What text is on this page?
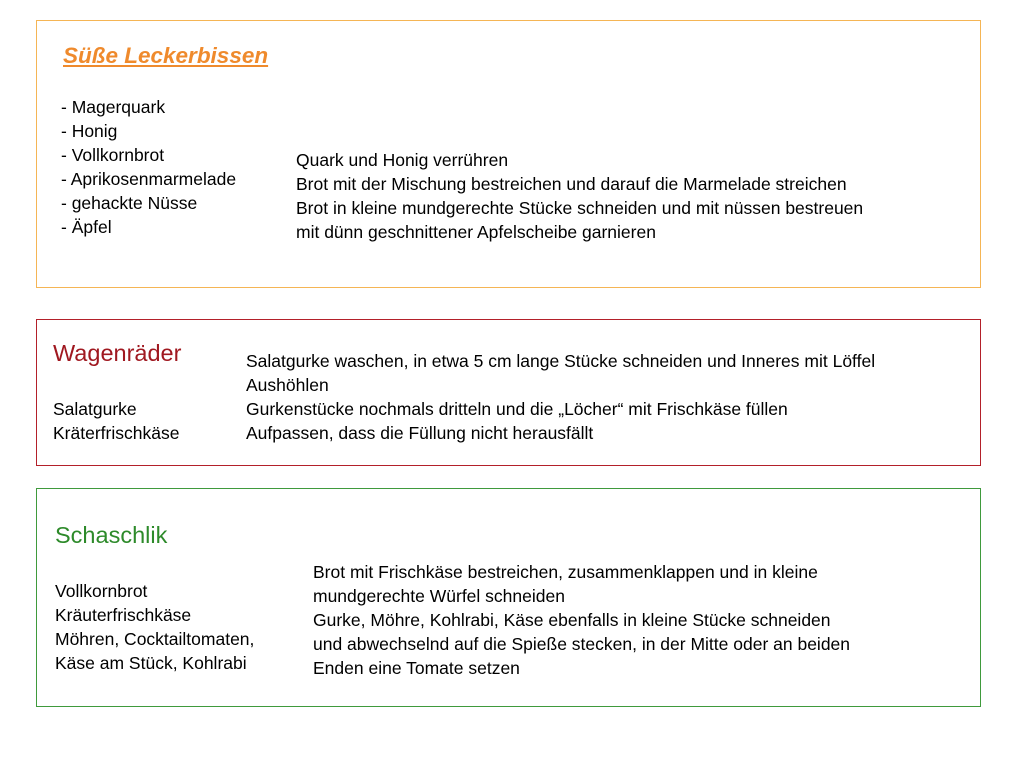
Süße Leckerbissen
- Magerquark
- Honig
- Vollkornbrot
- Aprikosenmarmelade
- gehackte Nüsse
- Äpfel
Quark und Honig verrühren
Brot mit der Mischung bestreichen und darauf die Marmelade streichen
Brot in kleine mundgerechte Stücke schneiden und mit nüssen bestreuen
mit dünn geschnittener Apfelscheibe garnieren
Wagenräder
Salatgurke
Kräterfrischkäse
Salatgurke waschen, in etwa 5 cm lange Stücke schneiden und Inneres mit Löffel
Aushöhlen
Gurkenstücke nochmals dritteln und die „Löcher“ mit Frischkäse füllen
Aufpassen, dass die Füllung nicht herausfällt
Schaschlik
Vollkornbrot
Kräuterfrischkäse
Möhren, Cocktailtomaten,
Käse am Stück, Kohlrabi
Brot mit Frischkäse bestreichen, zusammenklappen und in kleine
mundgerechte Würfel schneiden
Gurke, Möhre, Kohlrabi, Käse ebenfalls in kleine Stücke schneiden
und abwechselnd auf die Spieße stecken, in der Mitte oder an beiden
Enden eine Tomate setzen
